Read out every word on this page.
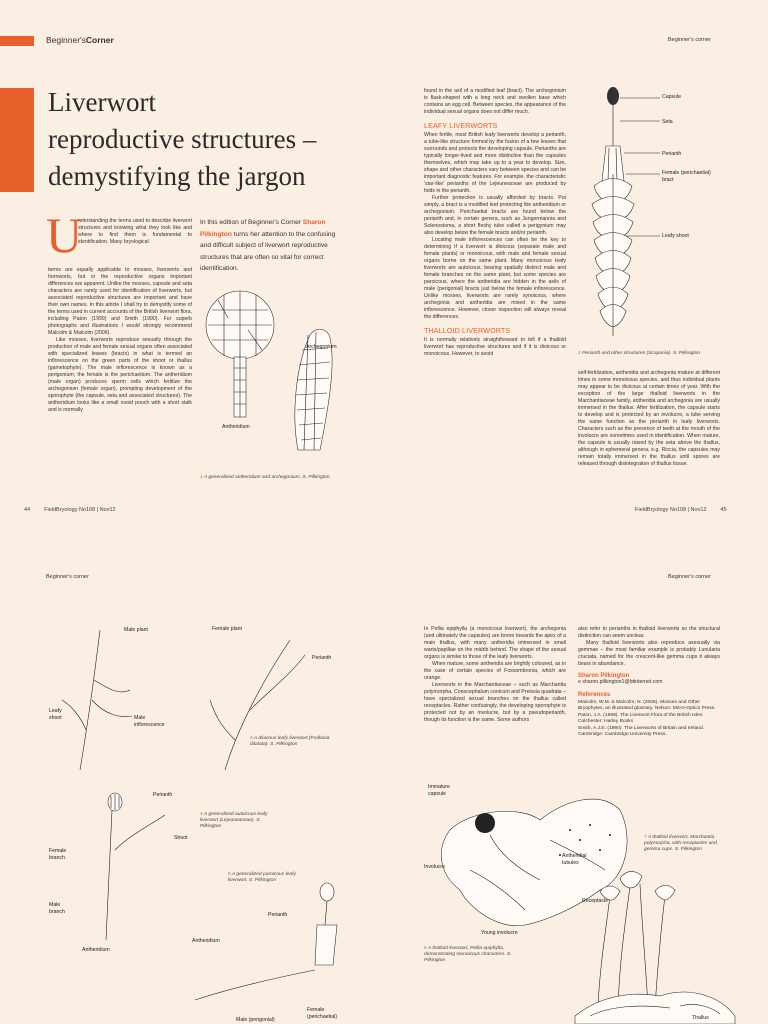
Beginner'sCorner	Beginner's corner
Liverwort
reproductive structures –
demystifying the jargon
U
nderstanding the terms used to describe liverwort structures and knowing what they look like and where to find them is fundamental to identification. Many bryological
terms are equally applicable to mosses, liverworts and hornworts, but in the reproductive organs important differences are apparent. Unlike the mosses, capsule and seta characters are rarely used for identification of liverworts, but associated reproductive structures are important and have their own names. In this article I shall try to demystify some of the terms used in current accounts of the British liverwort flora, including Paton (1999) and Smith (1990). For superb photographs and illustrations I would strongly recommend Malcolm & Malcolm (2006).
Like mosses, liverworts reproduce sexually through the production of male and female sexual organs often associated with specialized leaves (bracts) in what is termed an inflorescence on the green parts of the shoot or thallus (gametophyte). The male inflorescence is known as a perigonium; the female is the perichaetium. The antheridium (male organ) produces sperm cells which fertilize the archegonium (female organ), prompting development of the sporophyte (the capsule, seta and associated structures). The antheridium looks like a small ovoid pouch with a short stalk and is normally
In this edition of Beginner's Corner Sharon Pilkington turns her attention to the confusing and difficult subject of liverwort reproductive structures that are often so vital for correct identification.
Archegonium
Antheridium
1 A generalized antheridium and archegonium. S. Pilkington
found in the axil of a modified leaf (bract). The archegonium is flask-shaped with a long neck and swollen base which contains an egg cell. Between species, the appearance of the individual sexual organs does not differ much.
LEAFY LIVERWORTS
When fertile, most British leafy liverworts develop a perianth, a tube-like structure formed by the fusion of a few leaves that surrounds and protects the developing capsule. Perianths are typically longer-lived and more distinctive than the capsules themselves, which may take up to a year to develop. Size, shape and other characters vary between species and can be important diagnostic features. For example, the characteristic 'star-like' perianths of the Lejeuneaceae are produced by folds in the perianth.
Further protection is usually afforded by bracts. Put simply, a bract is a modified leaf protecting the antheridium or archegonium. Perichaetial bracts are found below the perianth and, in certain genera, such as Jungermannia and Solenostoma, a short fleshy tube called a perigynium may also develop below the female bracts and/or perianth.
Locating male inflorescences can often be the key to determining if a liverwort is dioicous (separate male and female plants) or monoicous, with male and female sexual organs borne on the same plant. Many monoicous leafy liverworts are autoicous, bearing spatially distinct male and female branches on the same plant, but some species are paroicous, where the antheridia are hidden in the axils of male (perigonial) bracts just below the female inflorescence. Unlike mosses, liverworts are rarely synoicous, where archegonia and antheridia are mixed in the same inflorescence. However, closer inspection will always reveal the differences.
THALLOID LIVERWORTS
It is normally relatively straightforward to tell if a thalloid liverwort has reproductive structures and if it is dioicous or monoicous. However, to avoid
Capsule
Seta
Perianth
Female (perichaetial) bract
Leafy shoot
2 Perianth and other structures (Scapania). S. Pilkington
self-fertilization, antheridia and archegonia mature at different times in some monoicous species, and thus individual plants may appear to be dioicous at certain times of year. With the exception of the large thalloid liverworts in the Marchantiaceae family, antheridia and archegonia are usually immersed in the thallus. After fertilization, the capsule starts to develop and is protected by an involucre, a tube serving the same function as the perianth in leafy liverworts. Characters such as the presence of teeth at the mouth of the involucre are sometimes used in identification. When mature, the capsule is usually raised by the seta above the thallus, although in ephemeral genera, e.g. Riccia, the capsules may remain totally immersed in the thallus until spores are released through disintegration of thallus tissue.
44	FieldBryology No108 | Nov12	FieldBryology No108 | Nov12	45
Beginner's corner	Beginner's corner
Male plant	Female plant
Perianth
Leafy shoot	Male inflorescence
3 A dioicous leafy liverwort (Frullania dilatata). S. Pilkington
Perianth
Shoot
Female branch
Male branch
Antheridium
4 A generalized autoicous leafy liverwort (Lejeuneaceae). S. Pilkington
5 A generalized paroicous leafy liverwort. S. Pilkington
Perianth
Antheridium
Male (perigonial)
Female (perichaetial)
In Pellia epiphylla (a monoicous liverwort), the archegonia (and ultimately the capsules) are borne towards the apex of a main thallus, with many antheridia immersed in small warts/papillae on the midrib behind. The shape of the sexual organs is similar to those of the leafy liverworts.
When mature, some antheridia are brightly coloured, as in the case of certain species of Fossombronia, which are orange.
Liverworts in the Marchantiaceae – such as Marchantia polymorpha, Conocephalum conicum and Preissia quadrata – have specialized sexual branches on the thallus called receptacles. Rather confusingly, the developing sporophyte is protected not by an involucre, but by a pseudoperianth, though its function is the same. Some authors
also refer to perianths in thalloid liverworts so the structural distinction can seem unclear.
Many thalloid liverworts also reproduce asexually via gemmae – the most familiar example is probably Lunularia cruciata, named for the crescent-like gemma cups it always bears in abundance.
Sharon Pilkington
e sharon.pilkington1@btinternet.com
References
Malcolm, W.M. & Malcolm, N. (2006). Mosses and Other Bryophytes, an illustrated glossary. Nelson: Micro-Optics Press.
Paton, J.A. (1999). The Liverwort Flora of the British Isles. Colchester: Harley Books
Smith, A.J.E. (1990). The Liverworts of Britain and Ireland. Cambridge: Cambridge University Press.
Immature capsule
Involucre
Antheridial tubules
Young involucre
6 A thalloid liverwort, Pellia epiphylla, demonstrating monoicous characters. S. Pilkington
Receptacle
Thallus
7 A thalloid liverwort, Marchantia polymorpha, with receptacles and gemma cups. S. Pilkington
